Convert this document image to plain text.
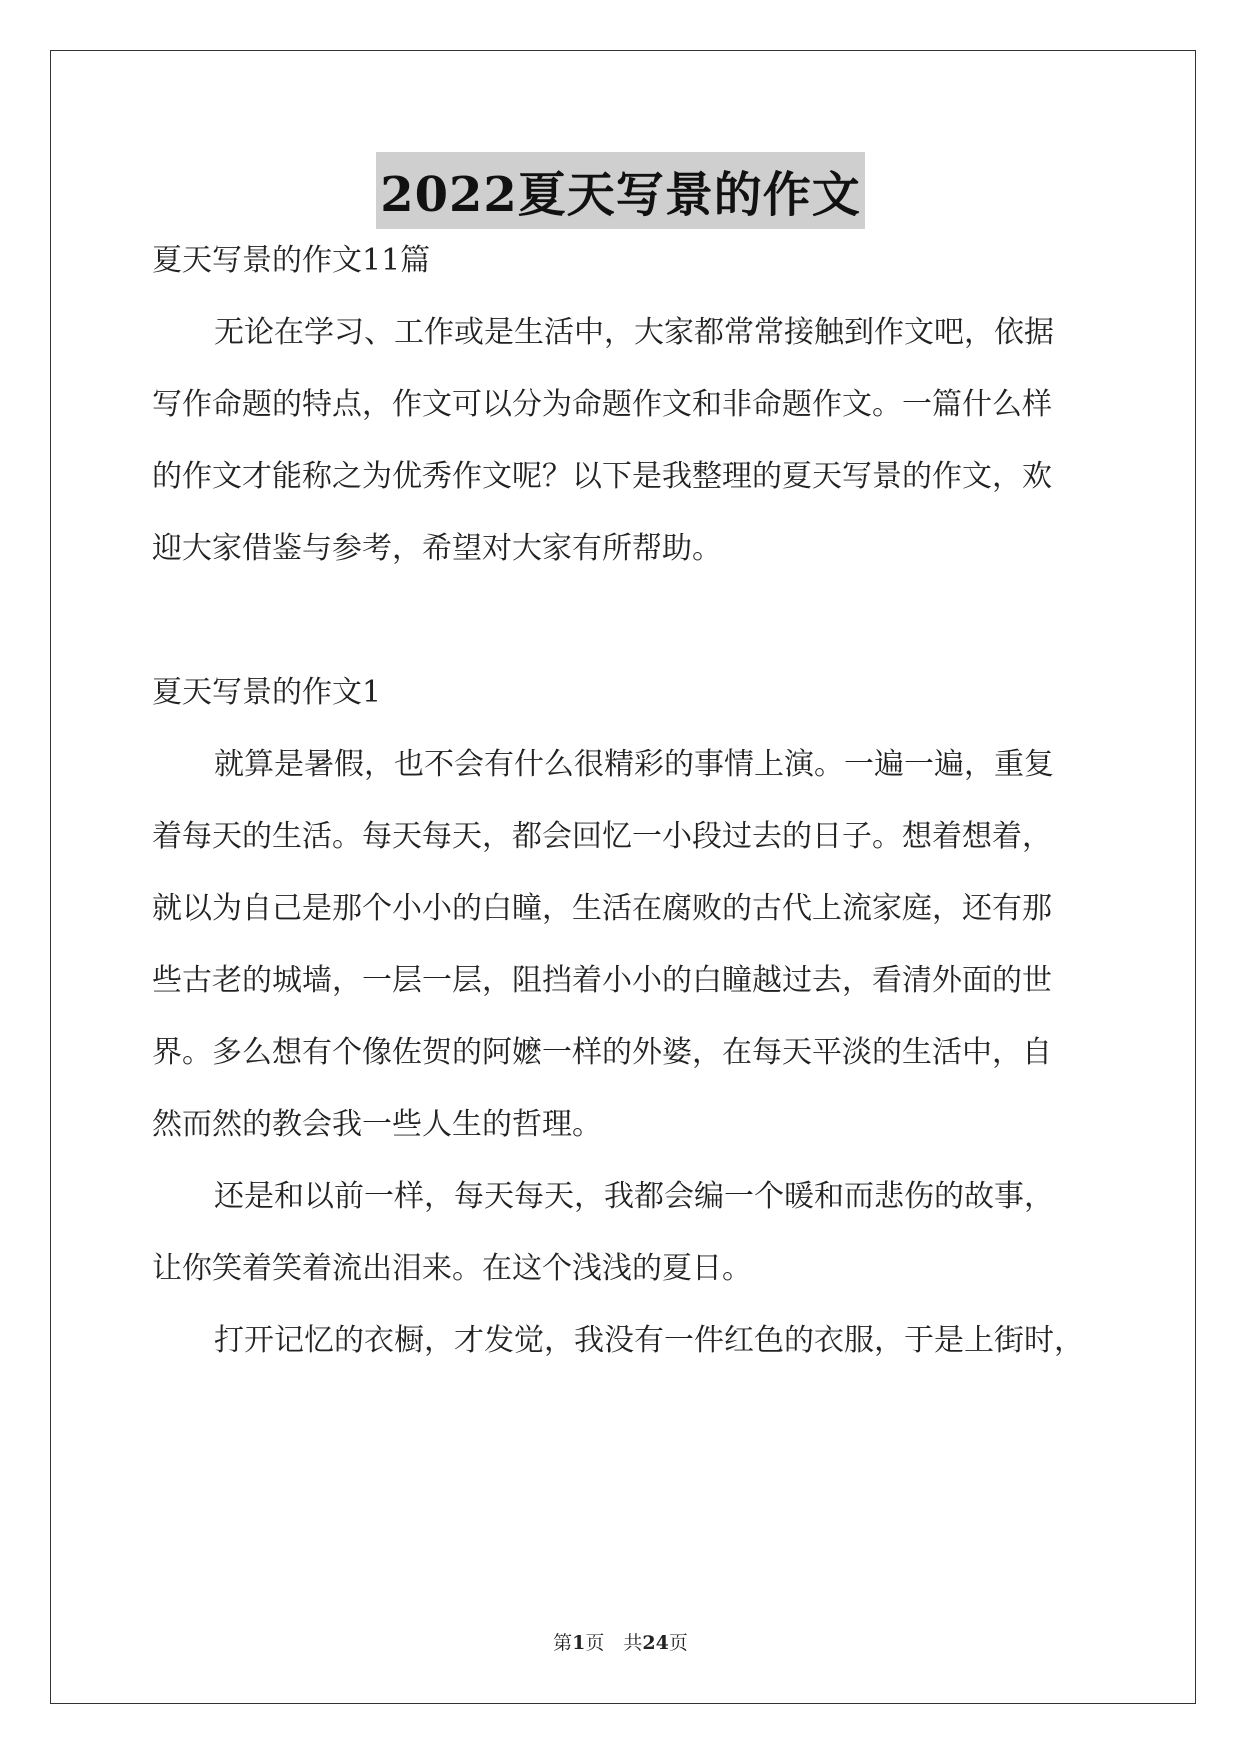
2022夏天写景的作文
夏天写景的作文11篇
无论在学习、工作或是生活中，大家都常常接触到作文吧，依据
写作命题的特点，作文可以分为命题作文和非命题作文。一篇什么样
的作文才能称之为优秀作文呢？以下是我整理的夏天写景的作文，欢
迎大家借鉴与参考，希望对大家有所帮助。
夏天写景的作文1
就算是暑假，也不会有什么很精彩的事情上演。一遍一遍，重复
着每天的生活。每天每天，都会回忆一小段过去的日子。想着想着，
就以为自己是那个小小的白瞳，生活在腐败的古代上流家庭，还有那
些古老的城墙，一层一层，阻挡着小小的白瞳越过去，看清外面的世
界。多么想有个像佐贺的阿嬷一样的外婆，在每天平淡的生活中，自
然而然的教会我一些人生的哲理。
还是和以前一样，每天每天，我都会编一个暖和而悲伤的故事，
让你笑着笑着流出泪来。在这个浅浅的夏日。
打开记忆的衣橱，才发觉，我没有一件红色的衣服，于是上街时，
第1页　共24页
